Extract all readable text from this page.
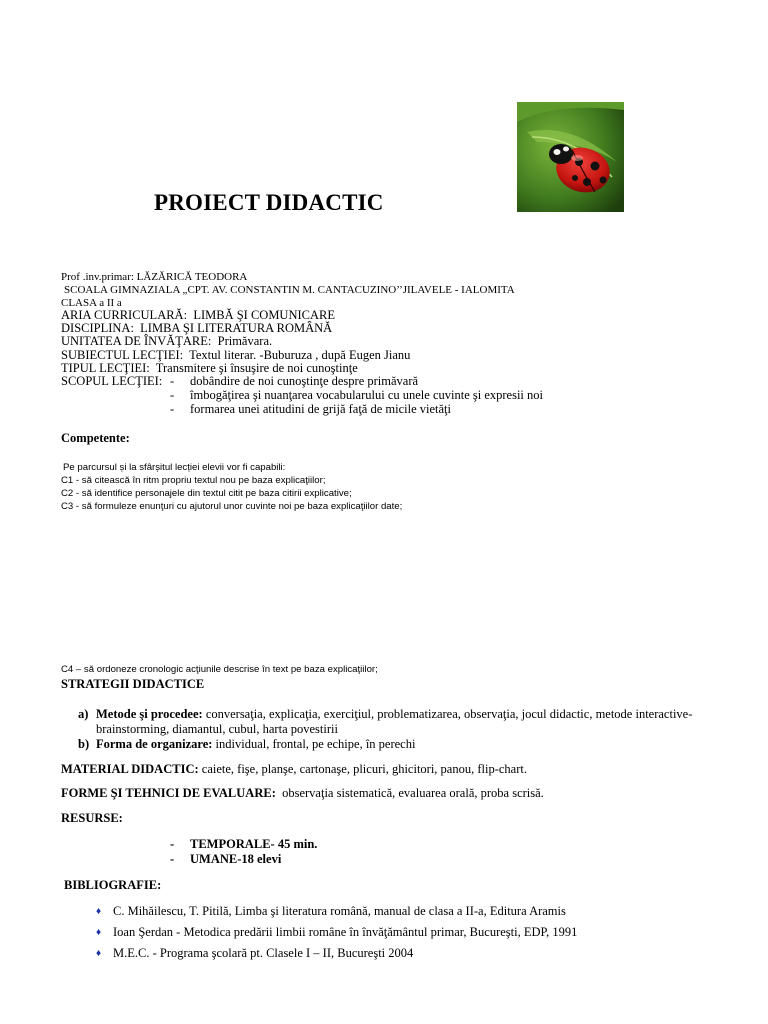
PROIECT DIDACTIC
Prof .inv.primar: LĂZĂRICĂ TEODORA
SCOALA GIMNAZIALA „CPT. AV. CONSTANTIN M. CANTACUZINO’’JILAVELE - IALOMITA
CLASA a II a
ARIA CURRICULARĂ: LIMBĂ ŞI COMUNICARE
DISCIPLINA: LIMBA ŞI LITERATURA ROMÂNĂ
UNITATEA DE ÎNVĂŢARE: Primăvara.
SUBIECTUL LECŢIEI: Textul literar. -Buburuza , după Eugen Jianu
TIPUL LECŢIEI: Transmitere şi însuşire de noi cunoştinţe
SCOPUL LECŢIEI: - dobândire de noi cunoştinţe despre primăvară
- îmbogăţirea şi nuanţarea vocabularului cu unele cuvinte şi expresii noi
- formarea unei atitudini de grijă faţă de micile vietăţi
Competente:
Pe parcursul și la sfârșitul lecției elevii vor fi capabili:
C1 - să citească în ritm propriu textul nou pe baza explicaţiilor;
C2 - să identifice personajele din textul citit pe baza citirii explicative;
C3 - să formuleze enunţuri cu ajutorul unor cuvinte noi pe baza explicaţiilor date;
C4 – să ordoneze cronologic acţiunile descrise în text pe baza explicaţiilor;
STRATEGII DIDACTICE
a) Metode şi procedee: conversaţia, explicaţia, exerciţiul, problematizarea, observaţia, jocul didactic, metode interactive-
brainstorming, diamantul, cubul, harta povestirii
b) Forma de organizare: individual, frontal, pe echipe, în perechi
MATERIAL DIDACTIC: caiete, fişe, planşe, cartonaşe, plicuri, ghicitori, panou, flip-chart.
FORME ŞI TEHNICI DE EVALUARE: observaţia sistematică, evaluarea orală, proba scrisă.
RESURSE:
- TEMPORALE- 45 min.
- UMANE-18 elevi
BIBLIOGRAFIE:
♦ C. Mihăilescu, T. Pitilă, Limba şi literatura română, manual de clasa a II-a, Editura Aramis
♦ Ioan Şerdan - Metodica predării limbii române în învăţământul primar, Bucureşti, EDP, 1991
♦ M.E.C. - Programa şcolară pt. Clasele I – II, Bucureşti 2004
